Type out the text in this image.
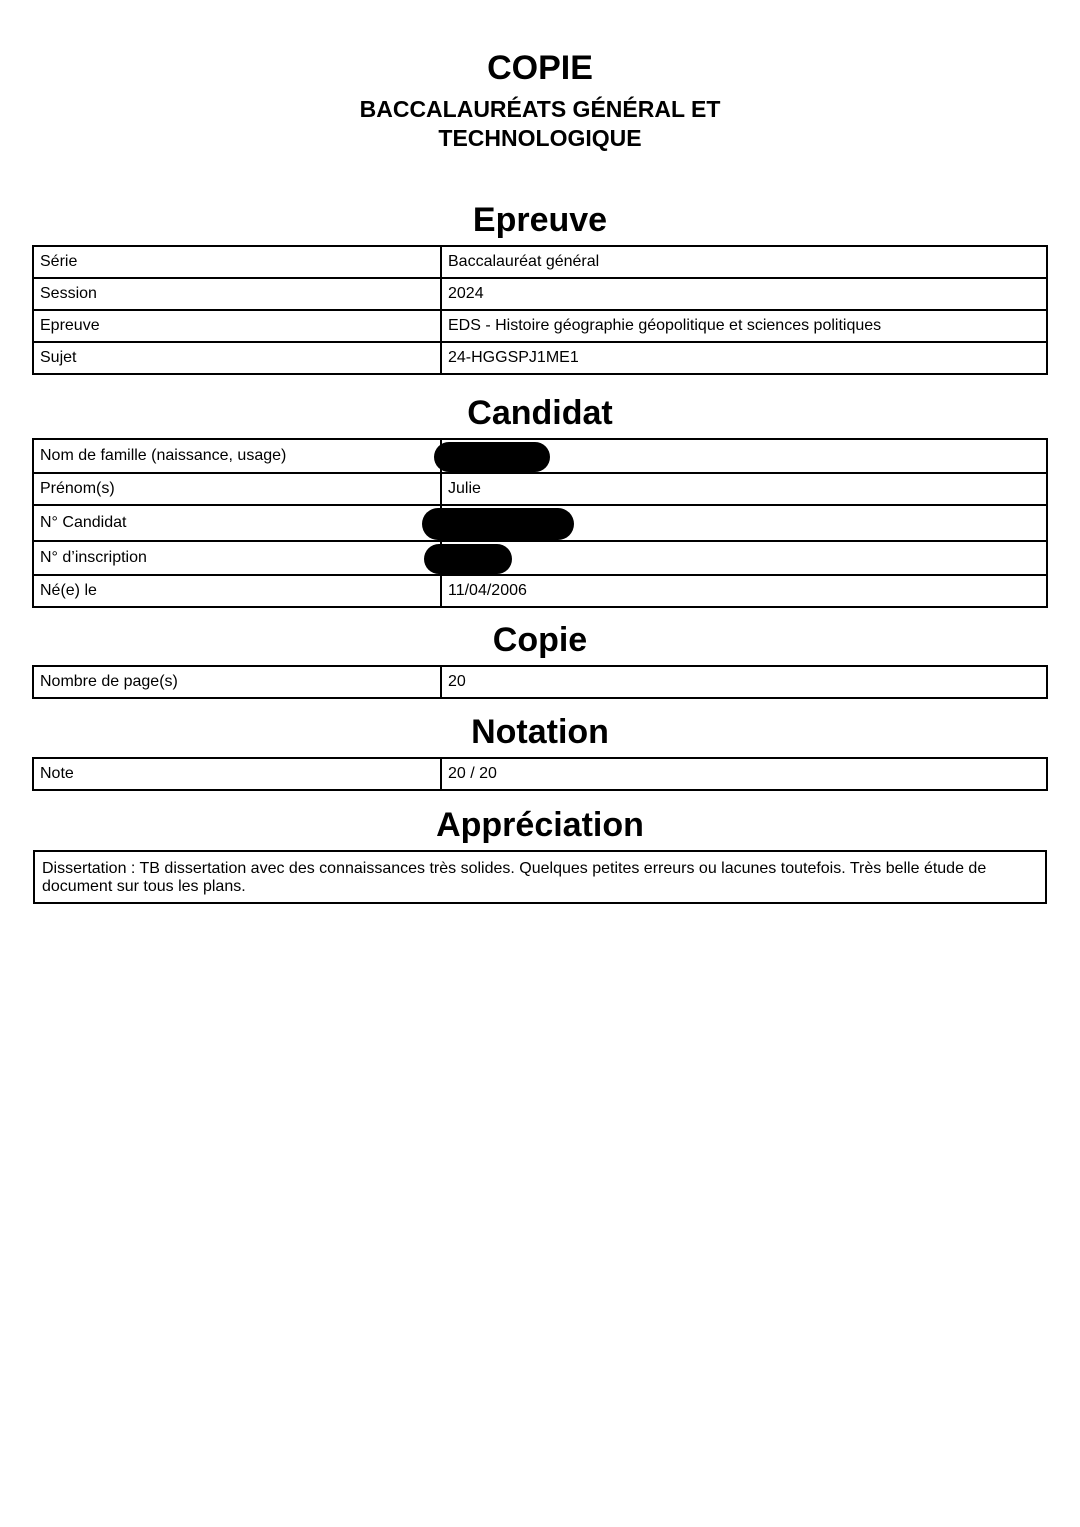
COPIE
BACCALAURÉATS GÉNÉRAL ET
TECHNOLOGIQUE
Epreuve
Série	Baccalauréat général
Session	2024
Epreuve	EDS - Histoire géographie géopolitique et sciences politiques
Sujet	24-HGGSPJ1ME1
Candidat
Nom de famille (naissance, usage)	
Prénom(s)	Julie
N° Candidat	
N° d’inscription	
Né(e) le	11/04/2006
Copie
Nombre de page(s)	20
Notation
Note	20 / 20
Appréciation
Dissertation : TB dissertation avec des connaissances très solides. Quelques petites erreurs ou lacunes toutefois. Très belle étude de document sur tous les plans.
